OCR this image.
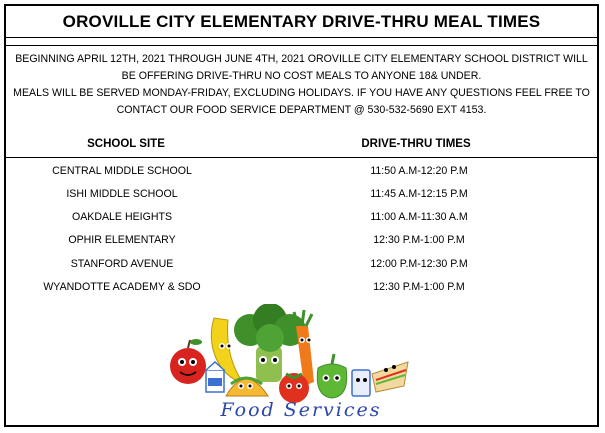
OROVILLE CITY ELEMENTARY DRIVE-THRU MEAL TIMES
BEGINNING APRIL 12TH, 2021 THROUGH JUNE 4TH, 2021 OROVILLE CITY ELEMENTARY SCHOOL DISTRICT WILL
BE OFFERING DRIVE-THRU NO COST MEALS TO ANYONE 18& UNDER.
MEALS WILL BE SERVED MONDAY-FRIDAY, EXCLUDING HOLIDAYS. IF YOU HAVE ANY QUESTIONS FEEL FREE TO
CONTACT OUR FOOD SERVICE DEPARTMENT @ 530-532-5690 EXT 4153.
SCHOOL SITE	DRIVE-THRU TIMES
CENTRAL MIDDLE SCHOOL	11:50 A.M-12:20 P.M
ISHI MIDDLE SCHOOL	11:45 A.M-12:15 P.M
OAKDALE HEIGHTS	11:00 A.M-11:30 A.M
OPHIR ELEMENTARY	12:30 P.M-1:00 P.M
STANFORD AVENUE	12:00 P.M-12:30 P.M
WYANDOTTE ACADEMY & SDO	12:30 P.M-1:00 P.M
Food Services
